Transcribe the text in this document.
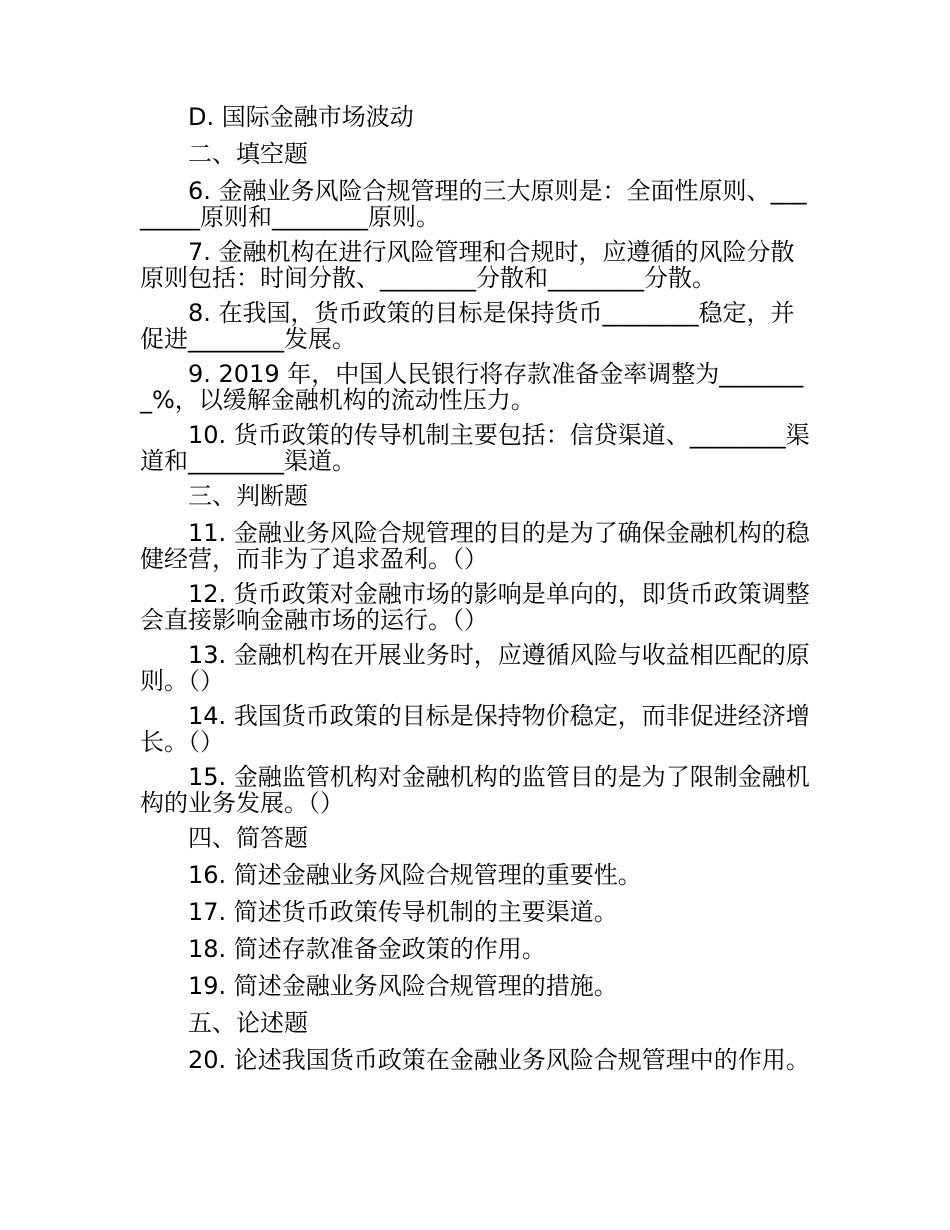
D. 国际金融市场波动
二、填空题
6. 金融业务风险合规管理的三大原则是：全面性原则、________原则和________原则。
7. 金融机构在进行风险管理和合规时，应遵循的风险分散原则包括：时间分散、________分散和________分散。
8. 在我国，货币政策的目标是保持货币________稳定，并促进________发展。
9. 2019 年，中国人民银行将存款准备金率调整为________%，以缓解金融机构的流动性压力。
10. 货币政策的传导机制主要包括：信贷渠道、________渠道和________渠道。
三、判断题
11. 金融业务风险合规管理的目的是为了确保金融机构的稳健经营，而非为了追求盈利。（）
12. 货币政策对金融市场的影响是单向的，即货币政策调整会直接影响金融市场的运行。（）
13. 金融机构在开展业务时，应遵循风险与收益相匹配的原则。（）
14. 我国货币政策的目标是保持物价稳定，而非促进经济增长。（）
15. 金融监管机构对金融机构的监管目的是为了限制金融机构的业务发展。（）
四、简答题
16. 简述金融业务风险合规管理的重要性。
17. 简述货币政策传导机制的主要渠道。
18. 简述存款准备金政策的作用。
19. 简述金融业务风险合规管理的措施。
五、论述题
20. 论述我国货币政策在金融业务风险合规管理中的作用。
